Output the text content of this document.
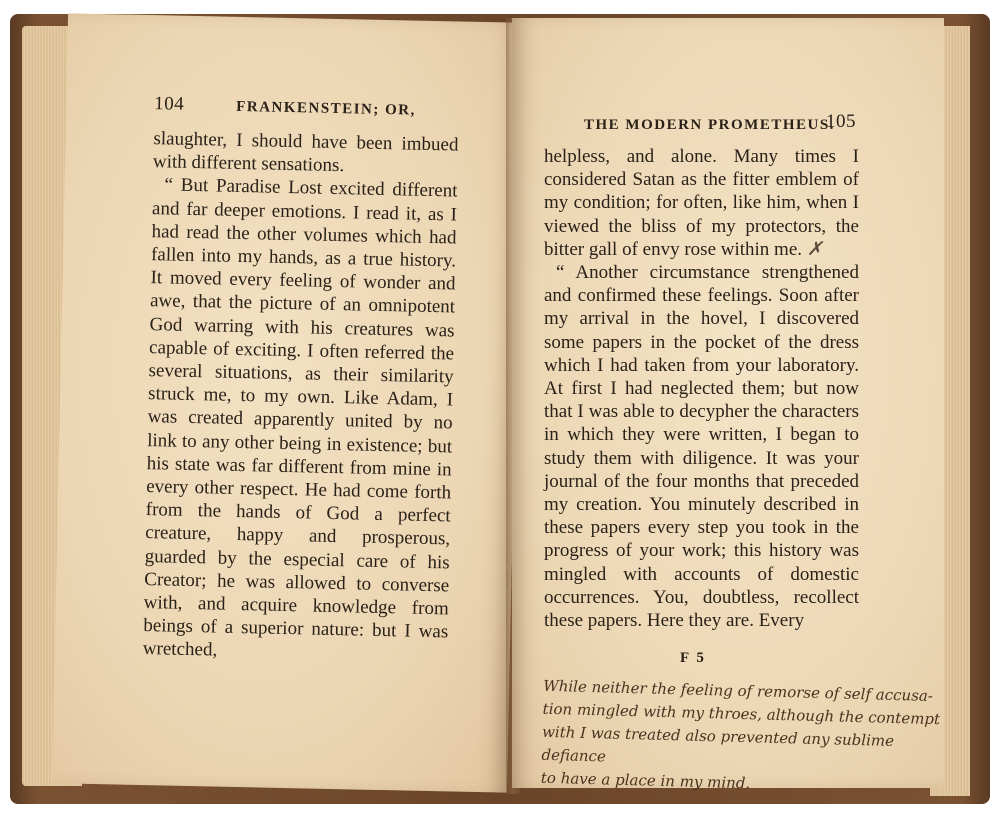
104	FRANKENSTEIN; OR,

slaughter, I should have been imbued with different sensations.

“ But Paradise Lost excited different and far deeper emotions. I read it, as I had read the other volumes which had fallen into my hands, as a true history. It moved every feeling of wonder and awe, that the picture of an omnipotent God warring with his creatures was capable of exciting. I often referred the several situations, as their similarity struck me, to my own. Like Adam, I was created apparently united by no link to any other being in existence; but his state was far different from mine in every other respect. He had come forth from the hands of God a perfect creature, happy and prosperous, guarded by the especial care of his Creator; he was allowed to converse with, and acquire knowledge from beings of a superior nature: but I was wretched,

THE MODERN PROMETHEUS.
105

helpless, and alone. Many times I considered Satan as the fitter emblem of my condition; for often, like him, when I viewed the bliss of my protectors, the bitter gall of envy rose within me. ✗

“ Another circumstance strengthened and confirmed these feelings. Soon after my arrival in the hovel, I discovered some papers in the pocket of the dress which I had taken from your laboratory. At first I had neglected them; but now that I was able to decypher the characters in which they were written, I began to study them with diligence. It was your journal of the four months that preceded my creation. You minutely described in these papers every step you took in the progress of your work; this history was mingled with accounts of domestic occurrences. You, doubtless, recollect these papers. Here they are. Every

F 5

While neither the feeling of remorse of self accusa-

tion mingled with my throes, although the contempt

with I was treated also prevented any sublime defiance

to have a place in my mind.
